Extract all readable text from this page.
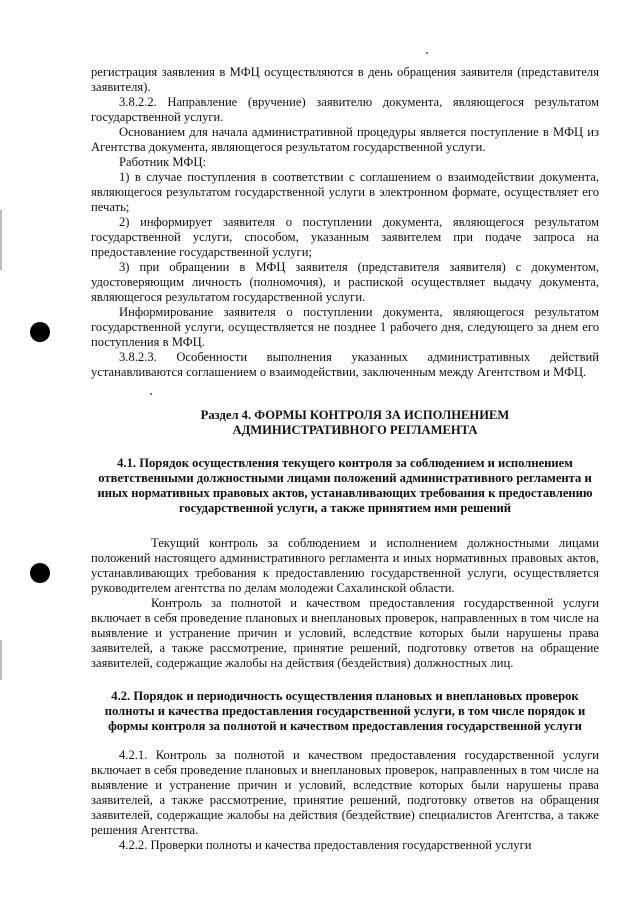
регистрация заявления в МФЦ осуществляются в день обращения заявителя (представителя заявителя).

3.8.2.2. Направление (вручение) заявителю документа, являющегося результатом государственной услуги.

Основанием для начала административной процедуры является поступление в МФЦ из Агентства документа, являющегося результатом государственной услуги.

Работник МФЦ:

1) в случае поступления в соответствии с соглашением о взаимодействии документа, являющегося результатом государственной услуги в электронном формате, осуществляет его печать;

2) информирует заявителя о поступлении документа, являющегося результатом государственной услуги, способом, указанным заявителем при подаче запроса на предоставление государственной услуги;

3) при обращении в МФЦ заявителя (представителя заявителя) с документом, удостоверяющим личность (полномочия), и распиской осуществляет выдачу документа, являющегося результатом государственной услуги.

Информирование заявителя о поступлении документа, являющегося результатом государственной услуги, осуществляется не позднее 1 рабочего дня, следующего за днем его поступления в МФЦ.

3.8.2.3. Особенности выполнения указанных административных действий устанавливаются соглашением о взаимодействии, заключенным между Агентством и МФЦ.

Раздел 4. ФОРМЫ КОНТРОЛЯ ЗА ИСПОЛНЕНИЕМ
АДМИНИСТРАТИВНОГО РЕГЛАМЕНТА
4.1. Порядок осуществления текущего контроля за соблюдением и исполнением ответственными должностными лицами положений административного регламента и иных нормативных правовых актов, устанавливающих требования к предоставлению государственной услуги, а также принятием ими решений

Текущий контроль за соблюдением и исполнением должностными лицами положений настоящего административного регламента и иных нормативных правовых актов, устанавливающих требования к предоставлению государственной услуги, осуществляется руководителем агентства по делам молодежи Сахалинской области.

Контроль за полнотой и качеством предоставления государственной услуги включает в себя проведение плановых и внеплановых проверок, направленных в том числе на выявление и устранение причин и условий, вследствие которых были нарушены права заявителей, а также рассмотрение, принятие решений, подготовку ответов на обращение заявителей, содержащие жалобы на действия (бездействия) должностных лиц.

4.2. Порядок и периодичность осуществления плановых и внеплановых проверок полноты и качества предоставления государственной услуги, в том числе порядок и формы контроля за полнотой и качеством предоставления государственной услуги

4.2.1. Контроль за полнотой и качеством предоставления государственной услуги включает в себя проведение плановых и внеплановых проверок, направленных в том числе на выявление и устранение причин и условий, вследствие которых были нарушены права заявителей, а также рассмотрение, принятие решений, подготовку ответов на обращения заявителей, содержащие жалобы на действия (бездействие) специалистов Агентства, а также решения Агентства.

4.2.2. Проверки полноты и качества предоставления государственной услуги
